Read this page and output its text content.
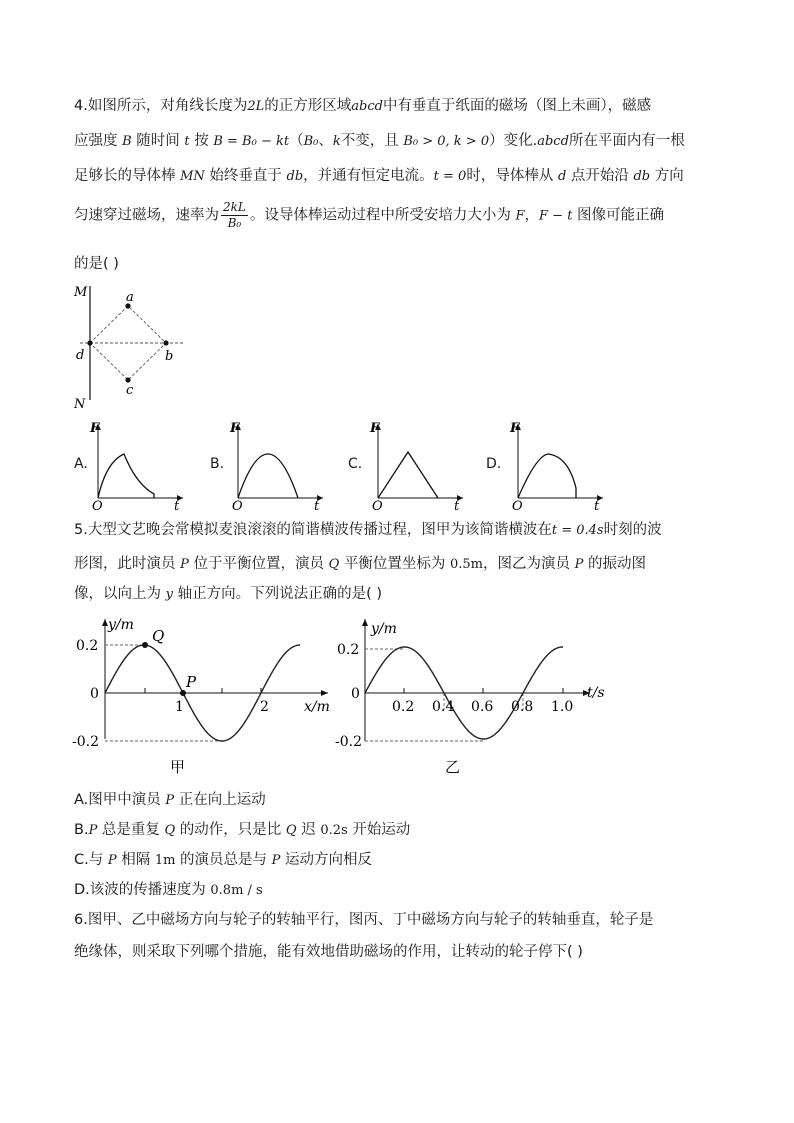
4.如图所示，对角线长度为2L的正方形区域abcd中有垂直于纸面的磁场（图上未画），磁感
应强度 B 随时间 t 按 B = B₀ − kt（B₀、k不变，且 B₀ > 0, k > 0）变化.abcd所在平面内有一根
足够长的导体棒 MN 始终垂直于 db，并通有恒定电流。t = 0时，导体棒从 d 点开始沿 db 方向
匀速穿过磁场，速率为 $\frac{2kL}{\text{B₀}}$ 。设导体棒运动过程中所受安培力大小为 F，F − t 图像可能正确
的是( )
M
N
a
b
c
d
A.
F
O	t
B.
F
O	t
C.
F
O	t
D.
F
O	t
5.大型文艺晚会常模拟麦浪滚滚的简谐横波传播过程，图甲为该简谐横波在t = 0.4s时刻的波
形图，此时演员 P 位于平衡位置，演员 Q 平衡位置坐标为 0.5m，图乙为演员 P 的振动图
像，以向上为 y 轴正方向。下列说法正确的是( )
Q
P
y/m
x/m
0.2
0
-0.2
1	2
甲
y/m
t/s
0.2
0
-0.2
0.2 0.4 0.6 0.8 1.0
乙
A.图甲中演员 P 正在向上运动
B.P 总是重复 Q 的动作，只是比 Q 迟 0.2s 开始运动
C.与 P 相隔 1m 的演员总是与 P 运动方向相反
D.该波的传播速度为 0.8m / s
6.图甲、乙中磁场方向与轮子的转轴平行，图丙、丁中磁场方向与轮子的转轴垂直，轮子是
绝缘体，则采取下列哪个措施，能有效地借助磁场的作用，让转动的轮子停下( )
